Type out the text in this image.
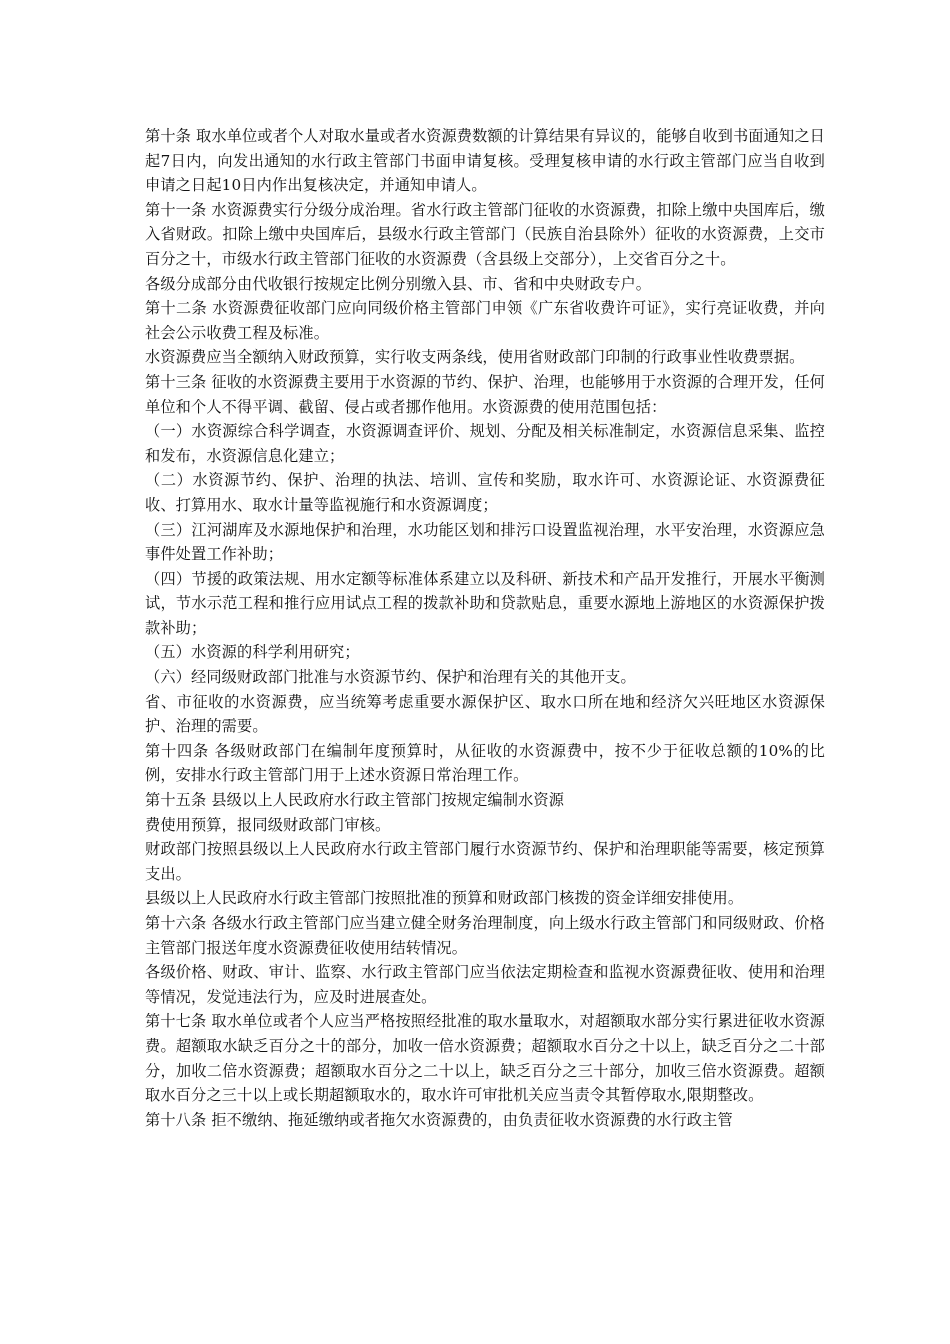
第十条 取水单位或者个人对取水量或者水资源费数额的计算结果有异议的，能够自收到书面通知之日起7日内，向发出通知的水行政主管部门书面申请复核。受理复核申请的水行政主管部门应当自收到申请之日起10日内作出复核决定，并通知申请人。

第十一条 水资源费实行分级分成治理。省水行政主管部门征收的水资源费，扣除上缴中央国库后，缴入省财政。扣除上缴中央国库后，县级水行政主管部门（民族自治县除外）征收的水资源费，上交市百分之十，市级水行政主管部门征收的水资源费（含县级上交部分），上交省百分之十。

各级分成部分由代收银行按规定比例分别缴入县、市、省和中央财政专户。

第十二条 水资源费征收部门应向同级价格主管部门申领《广东省收费许可证》，实行亮证收费，并向社会公示收费工程及标准。

水资源费应当全额纳入财政预算，实行收支两条线，使用省财政部门印制的行政事业性收费票据。

第十三条 征收的水资源费主要用于水资源的节约、保护、治理，也能够用于水资源的合理开发，任何单位和个人不得平调、截留、侵占或者挪作他用。水资源费的使用范围包括：

（一）水资源综合科学调查，水资源调查评价、规划、分配及相关标准制定，水资源信息采集、监控和发布，水资源信息化建立；

（二）水资源节约、保护、治理的执法、培训、宣传和奖励，取水许可、水资源论证、水资源费征收、打算用水、取水计量等监视施行和水资源调度；

（三）江河湖库及水源地保护和治理，水功能区划和排污口设置监视治理，水平安治理，水资源应急事件处置工作补助；

（四）节援的政策法规、用水定额等标准体系建立以及科研、新技术和产品开发推行，开展水平衡测试，节水示范工程和推行应用试点工程的拨款补助和贷款贴息，重要水源地上游地区的水资源保护拨款补助；

（五）水资源的科学利用研究；

（六）经同级财政部门批准与水资源节约、保护和治理有关的其他开支。

省、市征收的水资源费，应当统筹考虑重要水源保护区、取水口所在地和经济欠兴旺地区水资源保护、治理的需要。

第十四条 各级财政部门在编制年度预算时，从征收的水资源费中，按不少于征收总额的10%的比例，安排水行政主管部门用于上述水资源日常治理工作。

第十五条 县级以上人民政府水行政主管部门按规定编制水资源

费使用预算，报同级财政部门审核。

财政部门按照县级以上人民政府水行政主管部门履行水资源节约、保护和治理职能等需要，核定预算支出。

县级以上人民政府水行政主管部门按照批准的预算和财政部门核拨的资金详细安排使用。

第十六条 各级水行政主管部门应当建立健全财务治理制度，向上级水行政主管部门和同级财政、价格主管部门报送年度水资源费征收使用结转情况。

各级价格、财政、审计、监察、水行政主管部门应当依法定期检查和监视水资源费征收、使用和治理等情况，发觉违法行为，应及时进展查处。

第十七条 取水单位或者个人应当严格按照经批准的取水量取水，对超额取水部分实行累进征收水资源费。超额取水缺乏百分之十的部分，加收一倍水资源费；超额取水百分之十以上，缺乏百分之二十部分，加收二倍水资源费；超额取水百分之二十以上，缺乏百分之三十部分，加收三倍水资源费。超额取水百分之三十以上或长期超额取水的，取水许可审批机关应当责令其暂停取水,限期整改。

第十八条 拒不缴纳、拖延缴纳或者拖欠水资源费的，由负责征收水资源费的水行政主管
